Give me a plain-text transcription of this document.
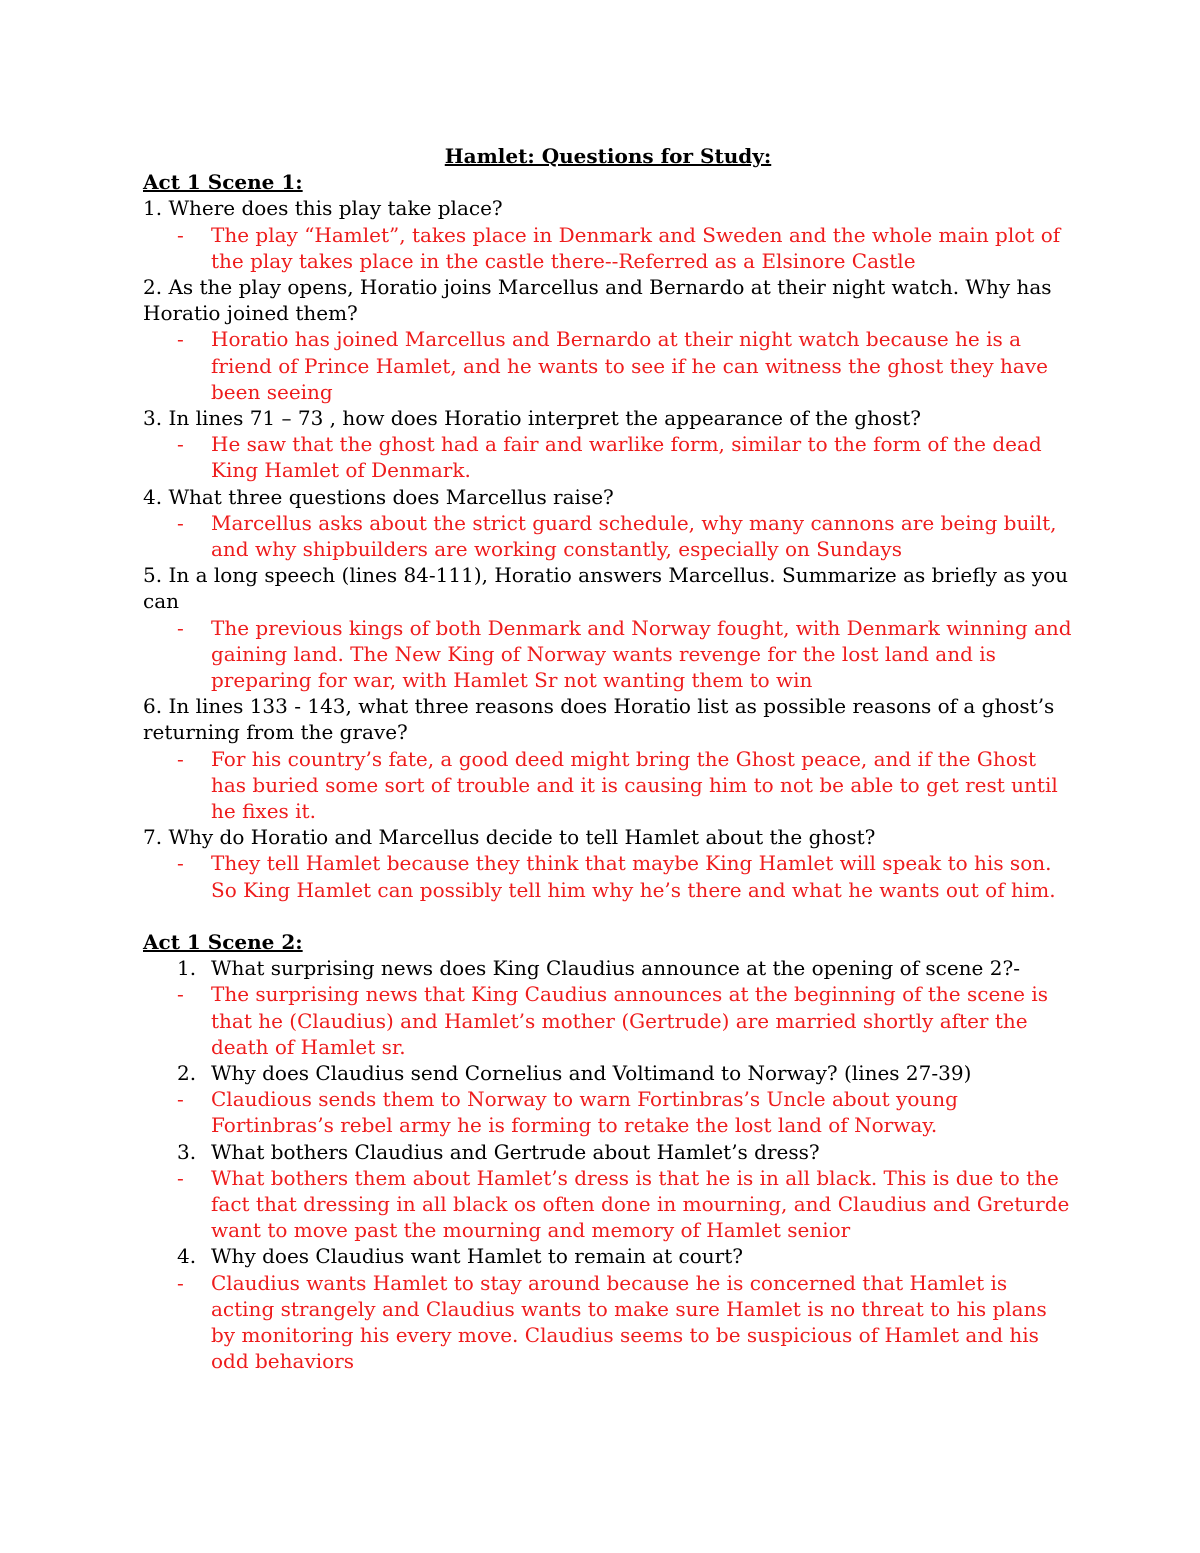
Hamlet: Questions for Study:

Act 1 Scene 1:

1. Where does this play take place?

- The play “Hamlet”, takes place in Denmark and Sweden and the whole main plot of the play takes place in the castle there--Referred as a Elsinore Castle

2. As the play opens, Horatio joins Marcellus and Bernardo at their night watch. Why has Horatio joined them?

- Horatio has joined Marcellus and Bernardo at their night watch because he is a friend of Prince Hamlet, and he wants to see if he can witness the ghost they have been seeing

3. In lines 71 – 73 , how does Horatio interpret the appearance of the ghost?

- He saw that the ghost had a fair and warlike form, similar to the form of the dead King Hamlet of Denmark.

4. What three questions does Marcellus raise?

- Marcellus asks about the strict guard schedule, why many cannons are being built, and why shipbuilders are working constantly, especially on Sundays

5. In a long speech (lines 84-111), Horatio answers Marcellus. Summarize as briefly as you can

- The previous kings of both Denmark and Norway fought, with Denmark winning and gaining land. The New King of Norway wants revenge for the lost land and is preparing for war, with Hamlet Sr not wanting them to win

6. In lines 133 - 143, what three reasons does Horatio list as possible reasons of a ghost’s returning from the grave?

- For his country’s fate, a good deed might bring the Ghost peace, and if the Ghost has buried some sort of trouble and it is causing him to not be able to get rest until he fixes it.

7. Why do Horatio and Marcellus decide to tell Hamlet about the ghost?

- They tell Hamlet because they think that maybe King Hamlet will speak to his son. So King Hamlet can possibly tell him why he’s there and what he wants out of him.

Act 1 Scene 2:

1. What surprising news does King Claudius announce at the opening of scene 2?-

- The surprising news that King Caudius announces at the beginning of the scene is that he (Claudius) and Hamlet’s mother (Gertrude) are married shortly after the death of Hamlet sr.

2. Why does Claudius send Cornelius and Voltimand to Norway? (lines 27-39)

- Claudious sends them to Norway to warn Fortinbras’s Uncle about young Fortinbras’s rebel army he is forming to retake the lost land of Norway.

3. What bothers Claudius and Gertrude about Hamlet’s dress?

- What bothers them about Hamlet’s dress is that he is in all black. This is due to the fact that dressing in all black os often done in mourning, and Claudius and Greturde want to move past the mourning and memory of Hamlet senior

4. Why does Claudius want Hamlet to remain at court?

- Claudius wants Hamlet to stay around because he is concerned that Hamlet is acting strangely and Claudius wants to make sure Hamlet is no threat to his plans by monitoring his every move. Claudius seems to be suspicious of Hamlet and his odd behaviors
